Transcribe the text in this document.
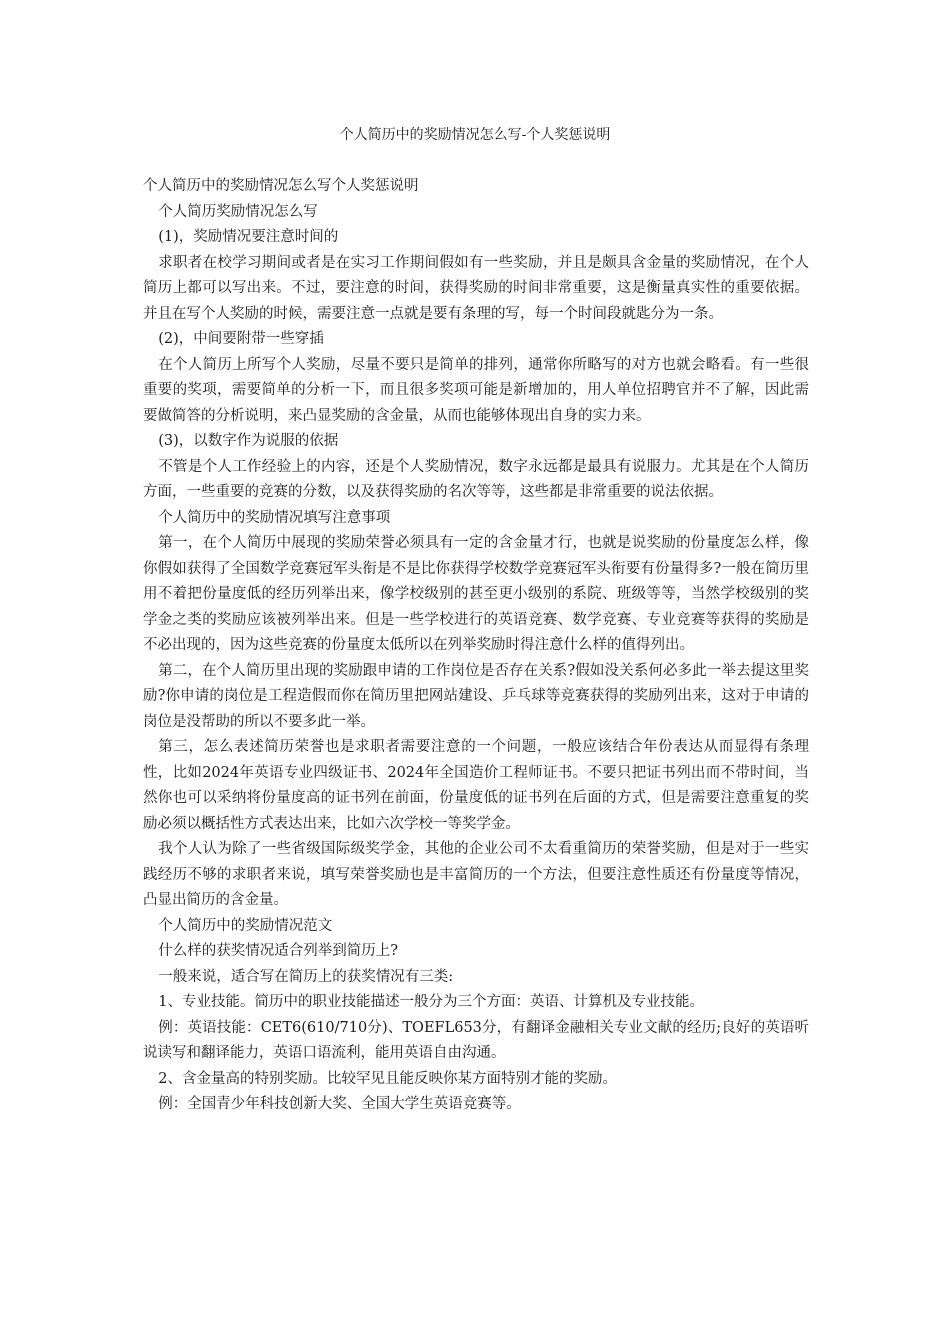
个人简历中的奖励情况怎么写-个人奖惩说明

个人简历中的奖励情况怎么写个人奖惩说明

个人简历奖励情况怎么写

(1)，奖励情况要注意时间的

求职者在校学习期间或者是在实习工作期间假如有一些奖励，并且是颇具含金量的奖励情况，在个人简历上都可以写出来。不过，要注意的时间，获得奖励的时间非常重要，这是衡量真实性的重要依据。并且在写个人奖励的时候，需要注意一点就是要有条理的写，每一个时间段就匙分为一条。

(2)，中间要附带一些穿插

在个人简历上所写个人奖励，尽量不要只是简单的排列，通常你所略写的对方也就会略看。有一些很重要的奖项，需要简单的分析一下，而且很多奖项可能是新增加的，用人单位招聘官并不了解，因此需要做简答的分析说明，来凸显奖励的含金量，从而也能够体现出自身的实力来。

(3)，以数字作为说服的依据

不管是个人工作经验上的内容，还是个人奖励情况，数字永远都是最具有说服力。尤其是在个人简历方面，一些重要的竞赛的分数，以及获得奖励的名次等等，这些都是非常重要的说法依据。

个人简历中的奖励情况填写注意事项

第一，在个人简历中展现的奖励荣誉必须具有一定的含金量才行，也就是说奖励的份量度怎么样，像你假如获得了全国数学竞赛冠军头衔是不是比你获得学校数学竞赛冠军头衔要有份量得多?一般在简历里用不着把份量度低的经历列举出来，像学校级别的甚至更小级别的系院、班级等等，当然学校级别的奖学金之类的奖励应该被列举出来。但是一些学校进行的英语竞赛、数学竞赛、专业竞赛等获得的奖励是不必出现的，因为这些竞赛的份量度太低所以在列举奖励时得注意什么样的值得列出。

第二，在个人简历里出现的奖励跟申请的工作岗位是否存在关系?假如没关系何必多此一举去提这里奖励?你申请的岗位是工程造假而你在简历里把网站建设、乒乓球等竞赛获得的奖励列出来，这对于申请的岗位是没帮助的所以不要多此一举。

第三，怎么表述简历荣誉也是求职者需要注意的一个问题，一般应该结合年份表达从而显得有条理性，比如2024年英语专业四级证书、2024年全国造价工程师证书。不要只把证书列出而不带时间，当然你也可以采纳将份量度高的证书列在前面，份量度低的证书列在后面的方式，但是需要注意重复的奖励必须以概括性方式表达出来，比如六次学校一等奖学金。

我个人认为除了一些省级国际级奖学金，其他的企业公司不太看重简历的荣誉奖励，但是对于一些实践经历不够的求职者来说，填写荣誉奖励也是丰富简历的一个方法，但要注意性质还有份量度等情况，凸显出简历的含金量。

个人简历中的奖励情况范文

什么样的获奖情况适合列举到简历上?

一般来说，适合写在简历上的获奖情况有三类:

1、专业技能。简历中的职业技能描述一般分为三个方面：英语、计算机及专业技能。

例：英语技能：CET6(610/710分)、TOEFL653分，有翻译金融相关专业文献的经历;良好的英语听说读写和翻译能力，英语口语流利，能用英语自由沟通。

2、含金量高的特别奖励。比较罕见且能反映你某方面特别才能的奖励。

例：全国青少年科技创新大奖、全国大学生英语竞赛等。
